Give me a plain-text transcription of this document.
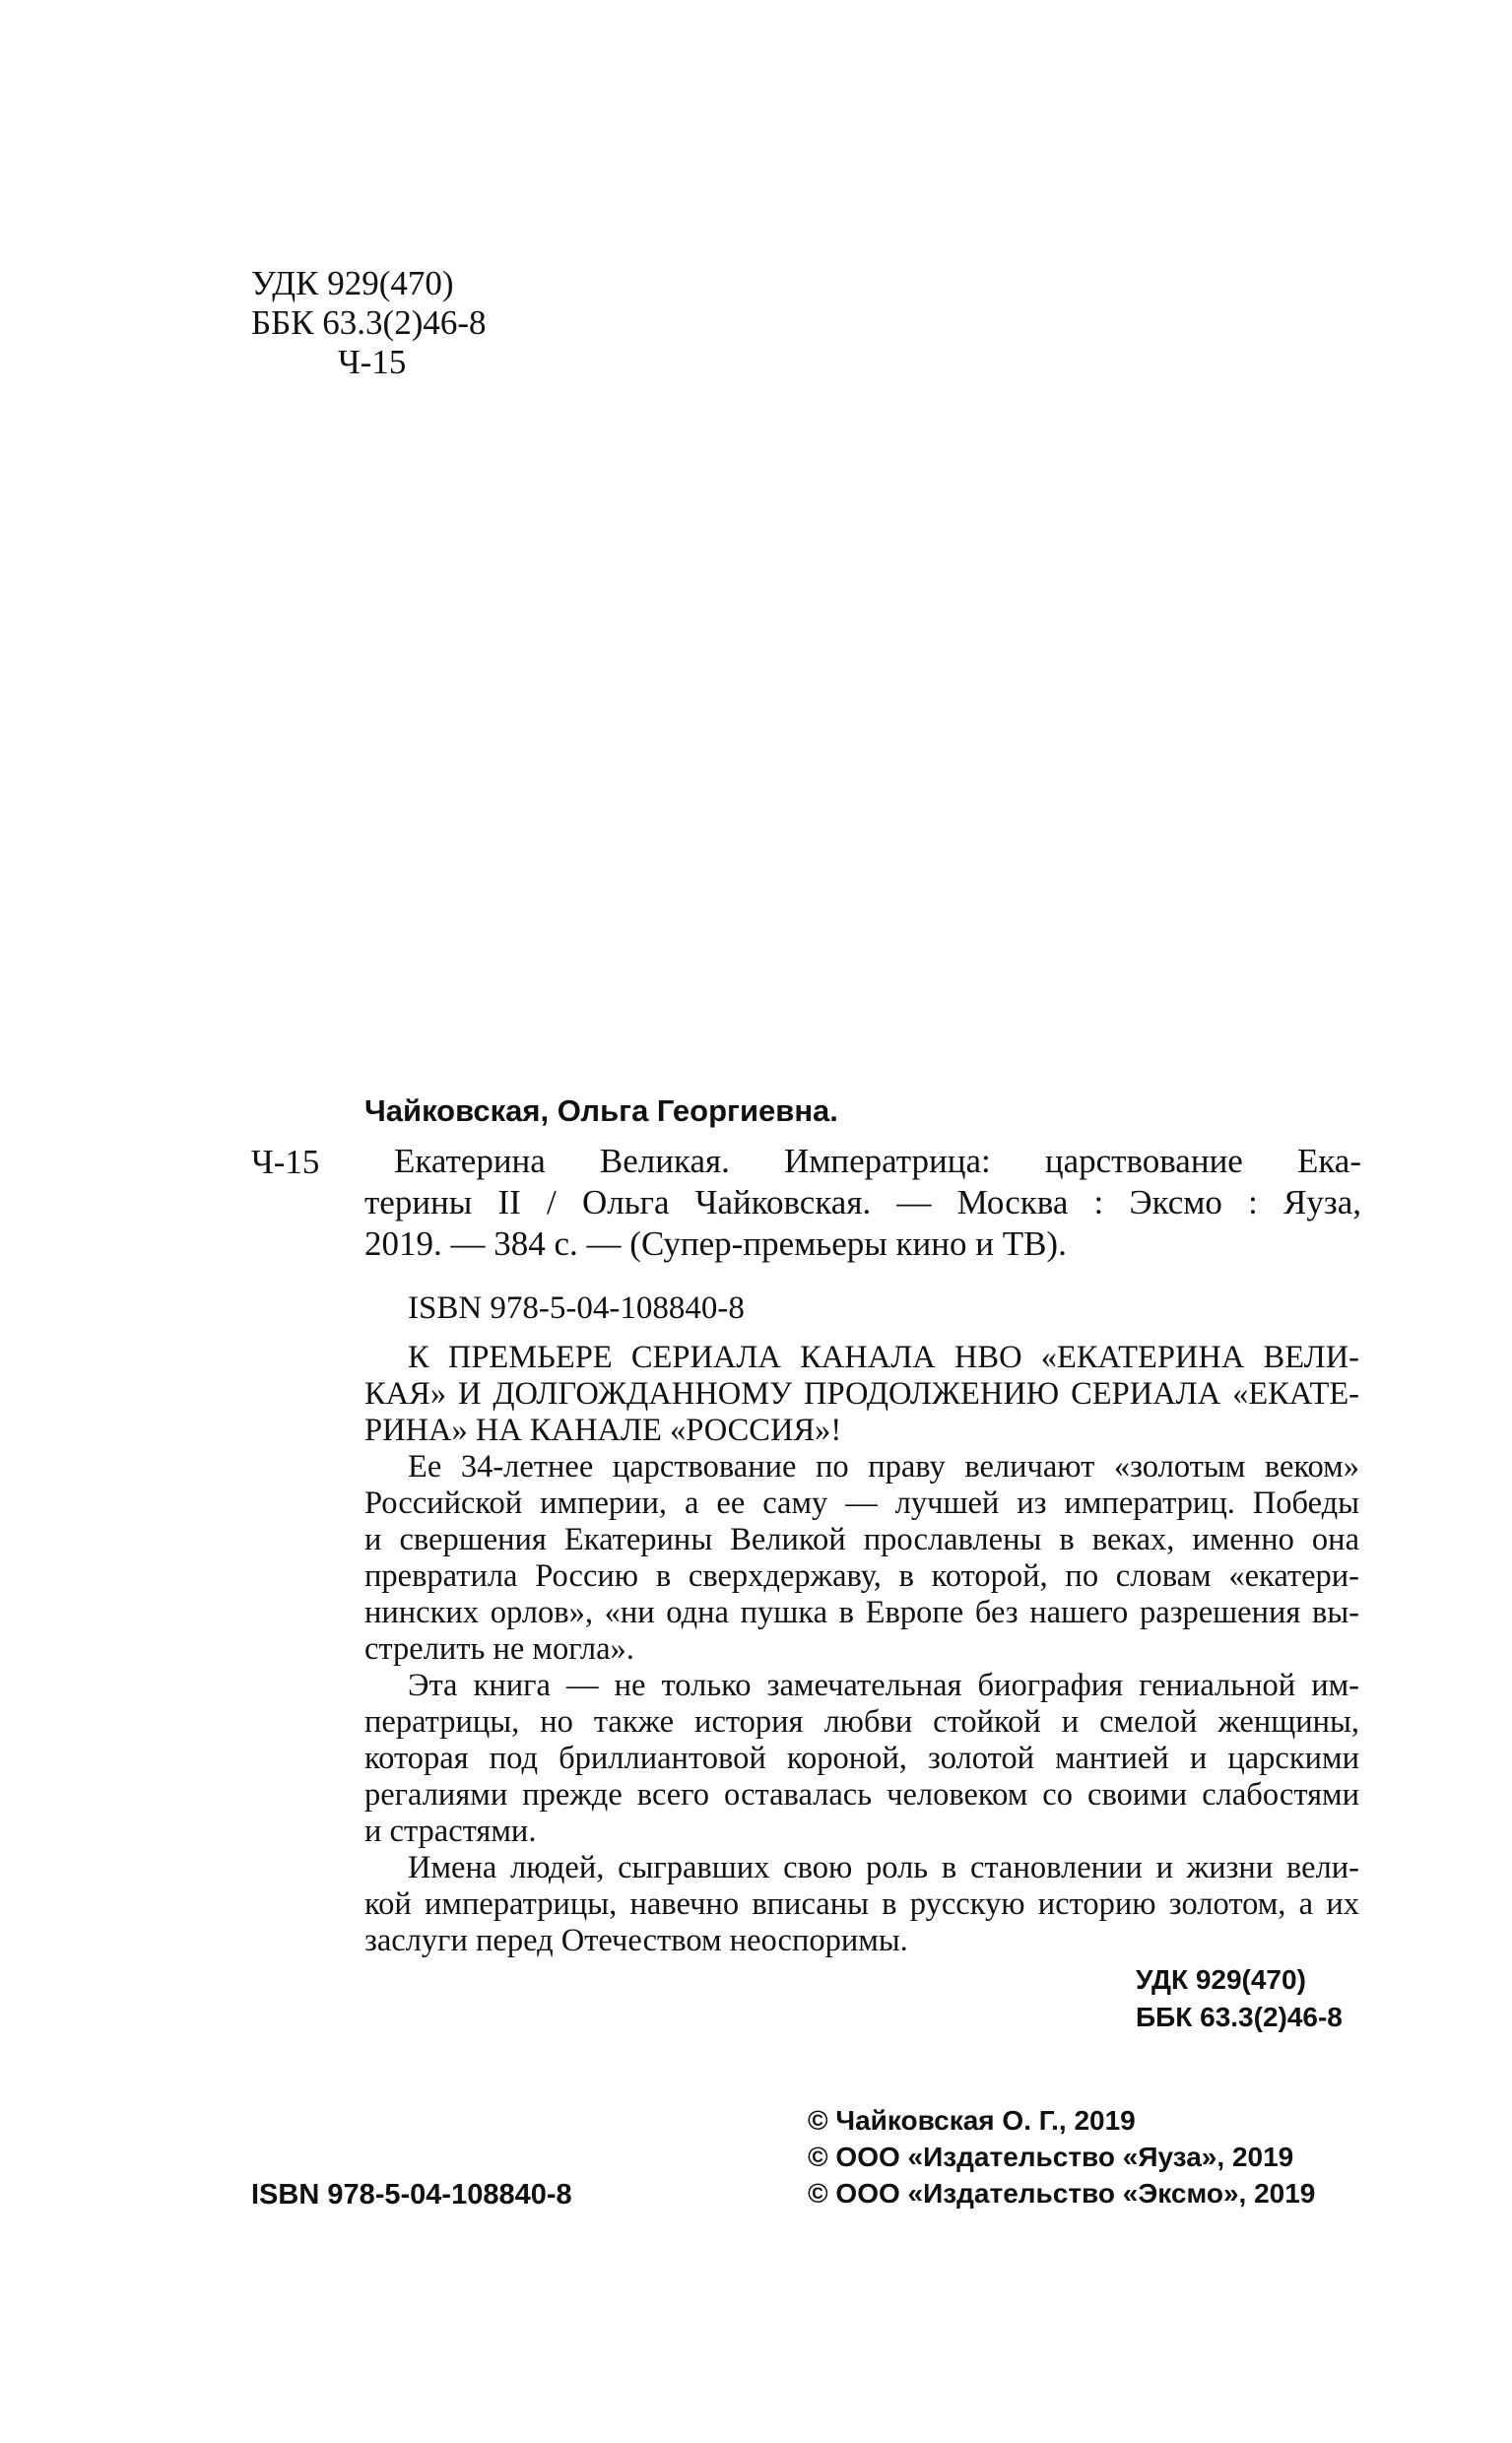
УДК 929(470)
ББК 63.3(2)46-8
Ч-15
Чайковская, Ольга Георгиевна.
Ч-15	Екатерина Великая. Императрица: царствование Ека-
терины II / Ольга Чайковская. — Москва : Эксмо : Яуза,
2019. — 384 с. — (Супер-премьеры кино и ТВ).
ISBN 978-5-04-108840-8
К ПРЕМЬЕРЕ СЕРИАЛА КАНАЛА НВО «ЕКАТЕРИНА ВЕЛИ-
КАЯ» И ДОЛГОЖДАННОМУ ПРОДОЛЖЕНИЮ СЕРИАЛА «ЕКАТЕ-
РИНА» НА КАНАЛЕ «РОССИЯ»!
Ее 34-летнее царствование по праву величают «золотым веком»
Российской империи, а ее саму — лучшей из императриц. Победы
и свершения Екатерины Великой прославлены в веках, именно она
превратила Россию в сверхдержаву, в которой, по словам «екатери-
нинских орлов», «ни одна пушка в Европе без нашего разрешения вы-
стрелить не могла».
Эта книга — не только замечательная биография гениальной им-
ператрицы, но также история любви стойкой и смелой женщины,
которая под бриллиантовой короной, золотой мантией и царскими
регалиями прежде всего оставалась человеком со своими слабостями
и страстями.
Имена людей, сыгравших свою роль в становлении и жизни вели-
кой императрицы, навечно вписаны в русскую историю золотом, а их
заслуги перед Отечеством неоспоримы.
УДК 929(470)
ББК 63.3(2)46-8
ISBN 978-5-04-108840-8
© Чайковская О. Г., 2019
© ООО «Издательство «Яуза», 2019
© ООО «Издательство «Эксмо», 2019
